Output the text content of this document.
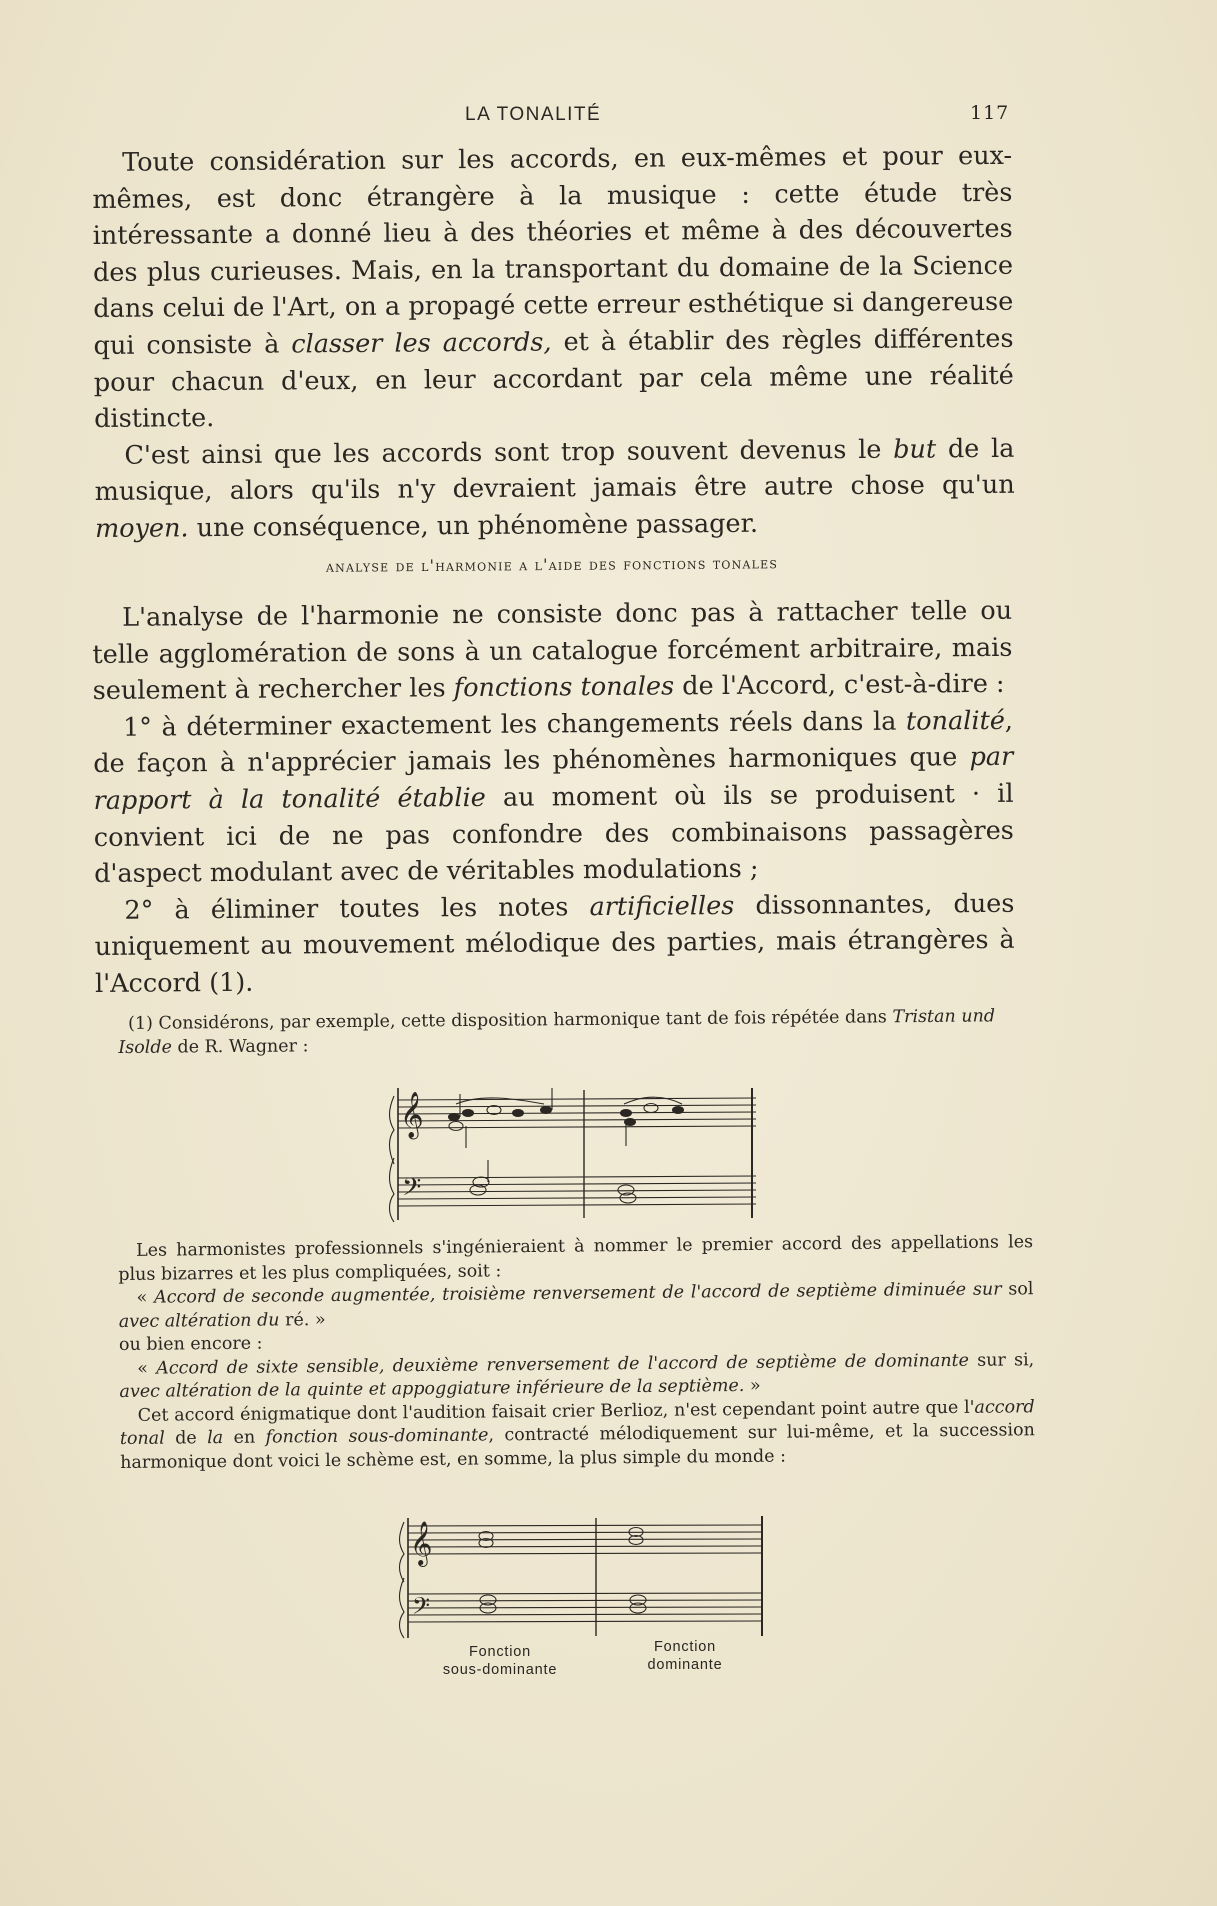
LA TONALITÉ	117

Toute considération sur les accords, en eux-mêmes et pour eux-mêmes, est donc étrangère à la musique : cette étude très intéressante a donné lieu à des théories et même à des découvertes des plus curieuses. Mais, en la transportant du domaine de la Science dans celui de l'Art, on a propagé cette erreur esthétique si dangereuse qui consiste à classer les accords, et à établir des règles différentes pour chacun d'eux, en leur accordant par cela même une réalité distincte.

C'est ainsi que les accords sont trop souvent devenus le but de la musique, alors qu'ils n'y devraient jamais être autre chose qu'un moyen. une conséquence, un phénomène passager.

analyse de l'harmonie a l'aide des fonctions tonales

L'analyse de l'harmonie ne consiste donc pas à rattacher telle ou telle agglomération de sons à un catalogue forcément arbitraire, mais seulement à rechercher les fonctions tonales de l'Accord, c'est-à-dire :

1° à déterminer exactement les changements réels dans la tonalité, de façon à n'apprécier jamais les phénomènes harmoniques que par rapport à la tonalité établie au moment où ils se produisent · il convient ici de ne pas confondre des combinaisons passagères d'aspect modulant avec de véritables modulations ;

2° à éliminer toutes les notes artificielles dissonnantes, dues uniquement au mouvement mélodique des parties, mais étrangères à l'Accord (1).

(1) Considérons, par exemple, cette disposition harmonique tant de fois répétée dans Tristan und Isolde de R. Wagner :

𝄞
𝄢

Les harmonistes professionnels s'ingénieraient à nommer le premier accord des appellations les plus bizarres et les plus compliquées, soit :

« Accord de seconde augmentée, troisième renversement de l'accord de septième diminuée sur sol avec altération du ré. »

ou bien encore :

« Accord de sixte sensible, deuxième renversement de l'accord de septième de dominante sur si, avec altération de la quinte et appoggiature inférieure de la septième. »

Cet accord énigmatique dont l'audition faisait crier Berlioz, n'est cependant point autre que l'accord tonal de la en fonction sous-dominante, contracté mélodiquement sur lui-même, et la succession harmonique dont voici le schème est, en somme, la plus simple du monde :

𝄞
𝄢
Fonction
sous-dominante
Fonction
dominante
